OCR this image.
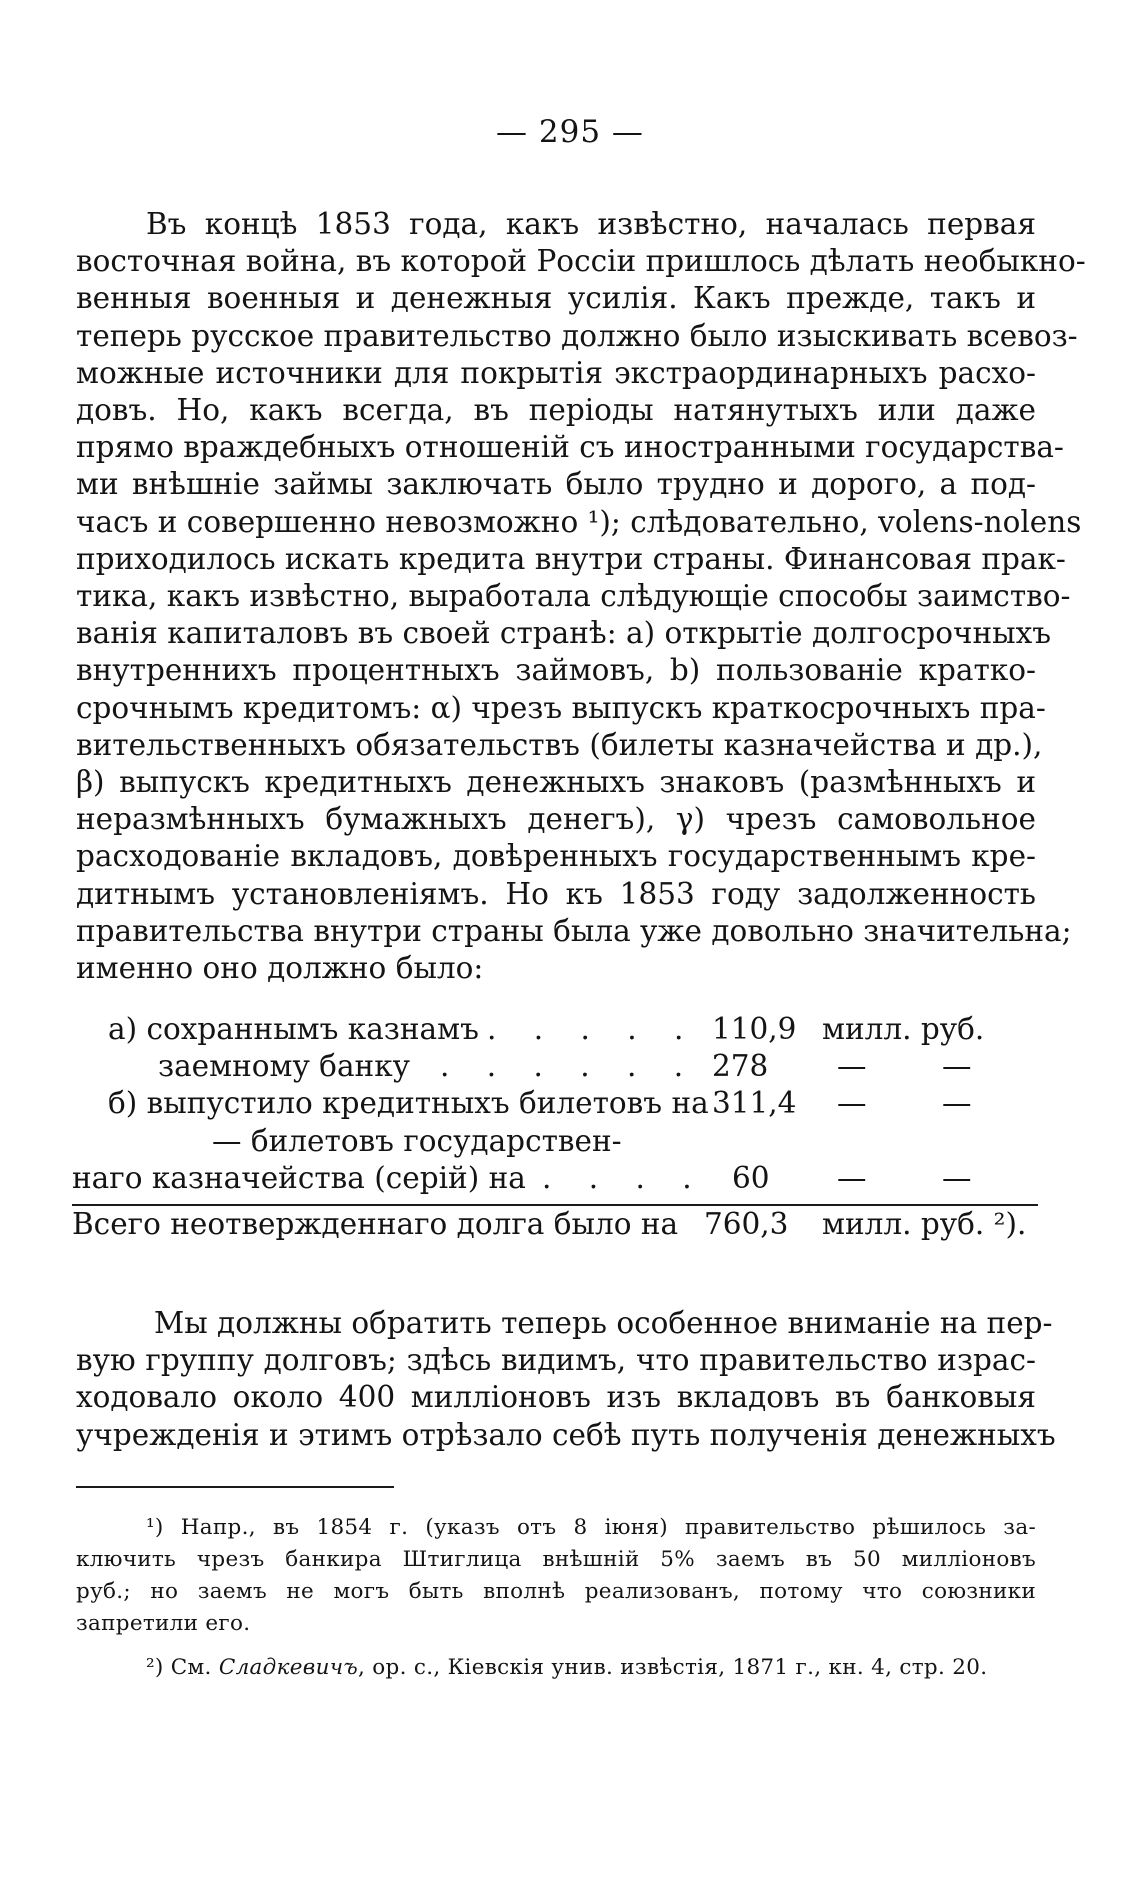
— 295 —
Въ концѣ 1853 года, какъ извѣстно, началась первая
восточная война, въ которой Россіи пришлось дѣлать необыкно-
венныя военныя и денежныя усилія. Какъ прежде, такъ и
теперь русское правительство должно было изыскивать всевоз-
можные источники для покрытія экстраординарныхъ расхо-
довъ. Но, какъ всегда, въ періоды натянутыхъ или даже
прямо враждебныхъ отношеній съ иностранными государства-
ми внѣшніе займы заключать было трудно и дорого, а под-
часъ и совершенно невозможно ¹); слѣдовательно, volens-nolens
приходилось искать кредита внутри страны. Финансовая прак-
тика, какъ извѣстно, выработала слѣдующіе способы заимство-
ванія капиталовъ въ своей странѣ: а) открытіе долгосрочныхъ
внутреннихъ процентныхъ займовъ, b) пользованіе кратко-
срочнымъ кредитомъ: α) чрезъ выпускъ краткосрочныхъ пра-
вительственныхъ обязательствъ (билеты казначейства и др.),
β) выпускъ кредитныхъ денежныхъ знаковъ (размѣнныхъ и
неразмѣнныхъ бумажныхъ денегъ), γ) чрезъ самовольное
расходованіе вкладовъ, довѣренныхъ государственнымъ кре-
дитнымъ установленіямъ. Но къ 1853 году задолженность
правительства внутри страны была уже довольно значительна;
именно оно должно было:
а) сохраннымъ казнамъ . . . . . 110,9 милл. руб.
заемному банку . . . . . . 278 —	—
б) выпустило кредитныхъ билетовъ на 311,4 —	—
— билетовъ государствен-
наго казначейства (серій) на . . . . 60 —	—
Всего неотвержденнаго долга было на 760,3 милл. руб. ²).
Мы должны обратить теперь особенное вниманіе на пер-
вую группу долговъ; здѣсь видимъ, что правительство израс-
ходовало около 400 милліоновъ изъ вкладовъ въ банковыя
учрежденія и этимъ отрѣзало себѣ путь полученія денежныхъ
¹) Напр., въ 1854 г. (указъ отъ 8 іюня) правительство рѣшилось за-
ключить чрезъ банкира Штиглица внѣшній 5% заемъ въ 50 милліоновъ
руб.; но заемъ не могъ быть вполнѣ реализованъ, потому что союзники
запретили его.
²) См. Сладкевичъ, op. c., Кіевскія унив. извѣстія, 1871 г., кн. 4, стр. 20.
